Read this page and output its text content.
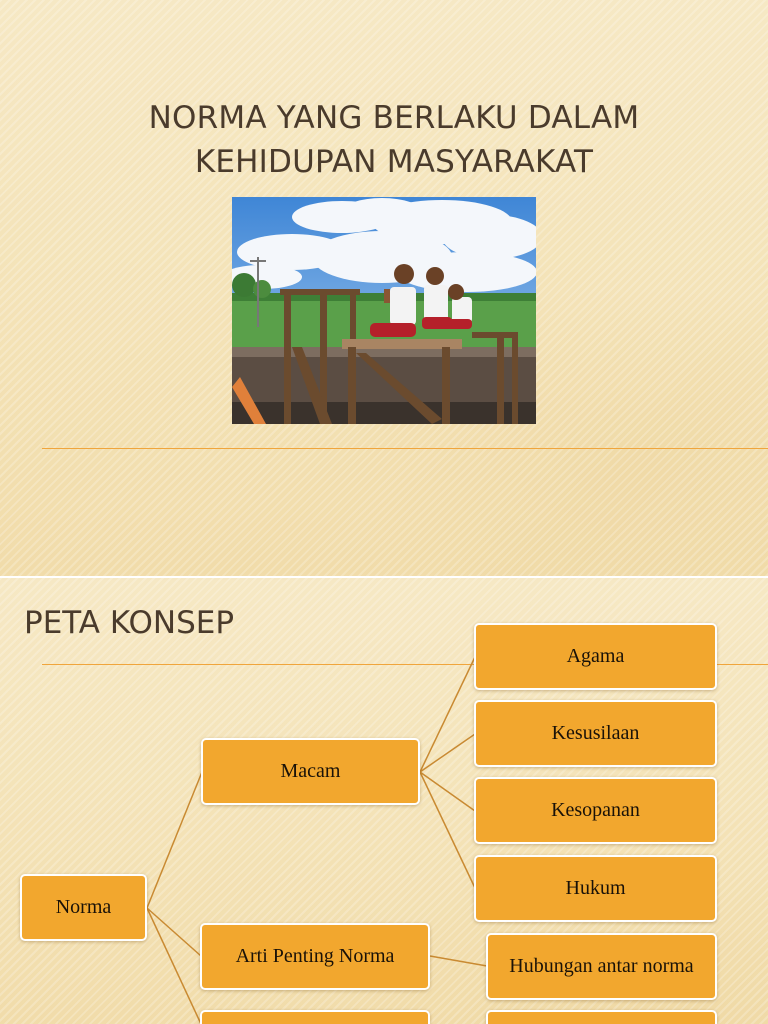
NORMA YANG BERLAKU DALAM
KEHIDUPAN MASYARAKAT
PETA KONSEP
Norma
Macam
Arti Penting Norma
Agama
Kesusilaan
Kesopanan
Hukum
Hubungan antar norma
